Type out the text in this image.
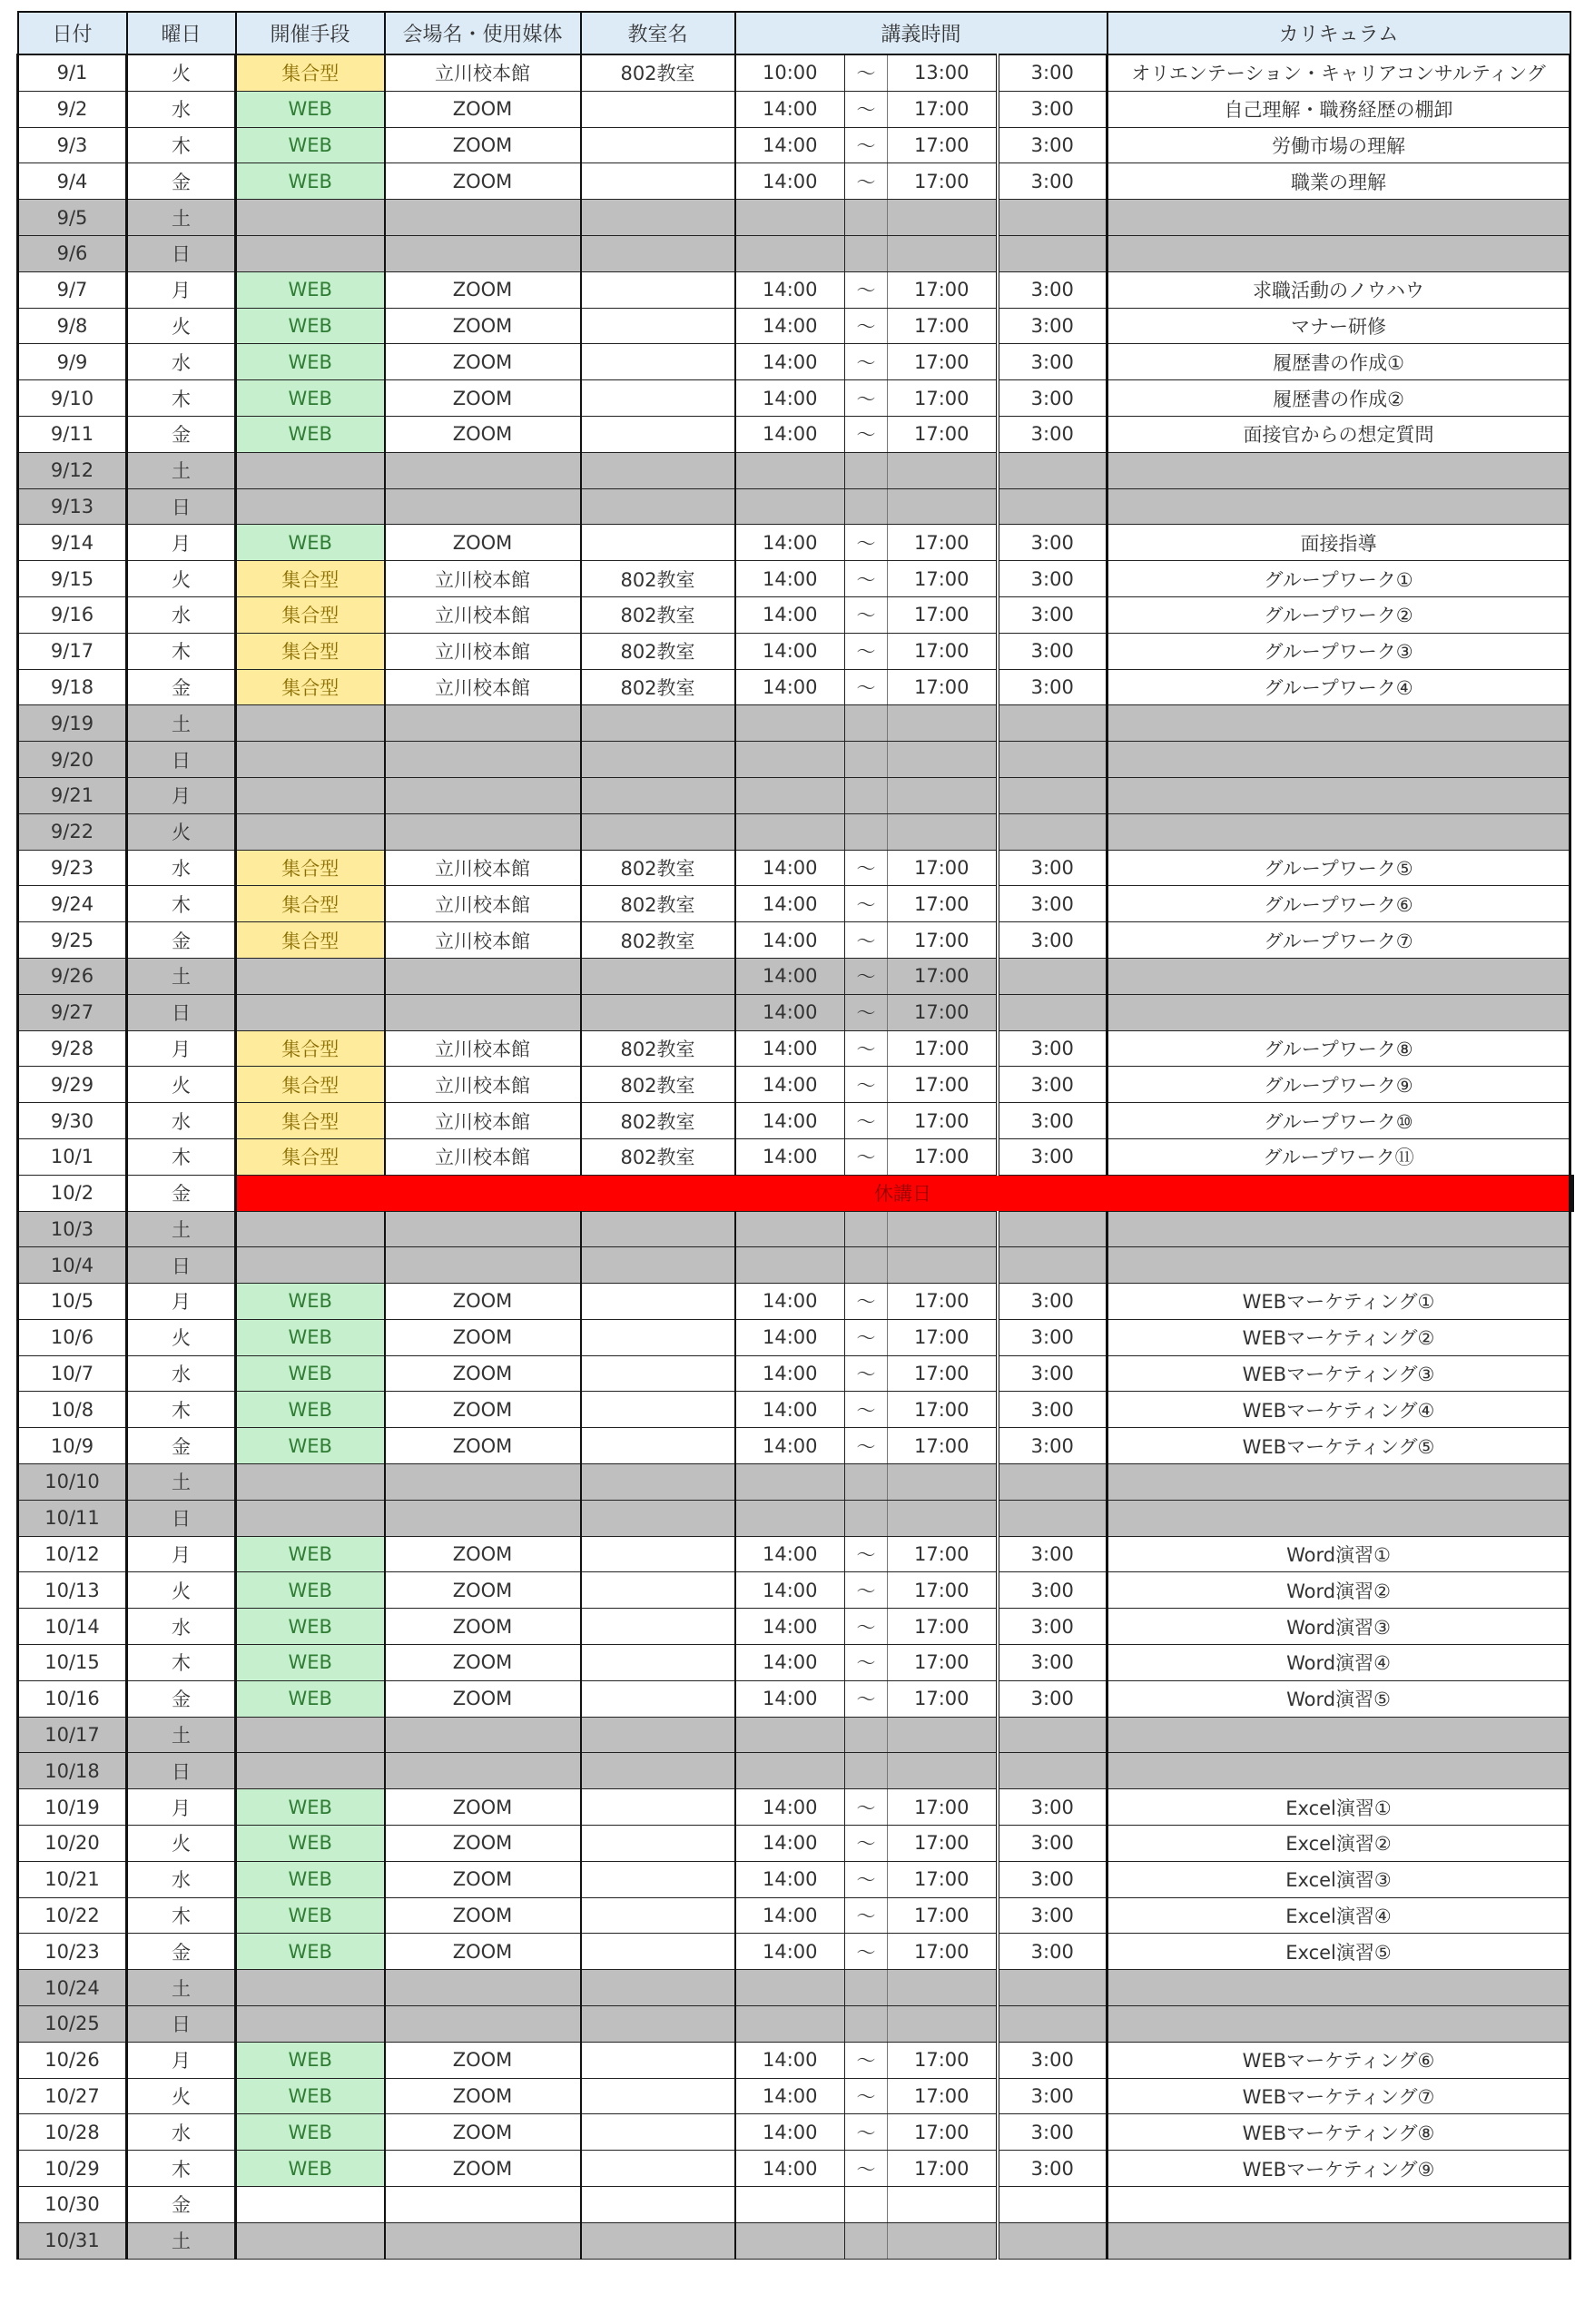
日付	曜日	開催手段	会場名・使用媒体	教室名	講義時間				カリキュラム	
9/1	火	集合型	立川校本館	802教室	10:00	～	13:00	3:00	オリエンテーション・キャリアコンサルティング	
9/2	水	WEB	ZOOM		14:00	～	17:00	3:00	自己理解・職務経歴の棚卸	
9/3	木	WEB	ZOOM		14:00	～	17:00	3:00	労働市場の理解	
9/4	金	WEB	ZOOM		14:00	～	17:00	3:00	職業の理解	
9/5	土									
9/6	日									
9/7	月	WEB	ZOOM		14:00	～	17:00	3:00	求職活動のノウハウ	
9/8	火	WEB	ZOOM		14:00	～	17:00	3:00	マナー研修	
9/9	水	WEB	ZOOM		14:00	～	17:00	3:00	履歴書の作成①	
9/10	木	WEB	ZOOM		14:00	～	17:00	3:00	履歴書の作成②	
9/11	金	WEB	ZOOM		14:00	～	17:00	3:00	面接官からの想定質問	
9/12	土									
9/13	日									
9/14	月	WEB	ZOOM		14:00	～	17:00	3:00	面接指導	
9/15	火	集合型	立川校本館	802教室	14:00	～	17:00	3:00	グループワーク①	
9/16	水	集合型	立川校本館	802教室	14:00	～	17:00	3:00	グループワーク②	
9/17	木	集合型	立川校本館	802教室	14:00	～	17:00	3:00	グループワーク③	
9/18	金	集合型	立川校本館	802教室	14:00	～	17:00	3:00	グループワーク④	
9/19	土									
9/20	日									
9/21	月									
9/22	火									
9/23	水	集合型	立川校本館	802教室	14:00	～	17:00	3:00	グループワーク⑤	
9/24	木	集合型	立川校本館	802教室	14:00	～	17:00	3:00	グループワーク⑥	
9/25	金	集合型	立川校本館	802教室	14:00	～	17:00	3:00	グループワーク⑦	
9/26	土				14:00	～	17:00			
9/27	日				14:00	～	17:00			
9/28	月	集合型	立川校本館	802教室	14:00	～	17:00	3:00	グループワーク⑧	
9/29	火	集合型	立川校本館	802教室	14:00	～	17:00	3:00	グループワーク⑨	
9/30	水	集合型	立川校本館	802教室	14:00	～	17:00	3:00	グループワーク⑩	
10/1	木	集合型	立川校本館	802教室	14:00	～	17:00	3:00	グループワーク⑪	
10/2	金	休講日								
10/3	土									
10/4	日									
10/5	月	WEB	ZOOM		14:00	～	17:00	3:00	WEBマーケティング①	
10/6	火	WEB	ZOOM		14:00	～	17:00	3:00	WEBマーケティング②	
10/7	水	WEB	ZOOM		14:00	～	17:00	3:00	WEBマーケティング③	
10/8	木	WEB	ZOOM		14:00	～	17:00	3:00	WEBマーケティング④	
10/9	金	WEB	ZOOM		14:00	～	17:00	3:00	WEBマーケティング⑤	
10/10	土									
10/11	日									
10/12	月	WEB	ZOOM		14:00	～	17:00	3:00	Word演習①	
10/13	火	WEB	ZOOM		14:00	～	17:00	3:00	Word演習②	
10/14	水	WEB	ZOOM		14:00	～	17:00	3:00	Word演習③	
10/15	木	WEB	ZOOM		14:00	～	17:00	3:00	Word演習④	
10/16	金	WEB	ZOOM		14:00	～	17:00	3:00	Word演習⑤	
10/17	土									
10/18	日									
10/19	月	WEB	ZOOM		14:00	～	17:00	3:00	Excel演習①	
10/20	火	WEB	ZOOM		14:00	～	17:00	3:00	Excel演習②	
10/21	水	WEB	ZOOM		14:00	～	17:00	3:00	Excel演習③	
10/22	木	WEB	ZOOM		14:00	～	17:00	3:00	Excel演習④	
10/23	金	WEB	ZOOM		14:00	～	17:00	3:00	Excel演習⑤	
10/24	土									
10/25	日									
10/26	月	WEB	ZOOM		14:00	～	17:00	3:00	WEBマーケティング⑥	
10/27	火	WEB	ZOOM		14:00	～	17:00	3:00	WEBマーケティング⑦	
10/28	水	WEB	ZOOM		14:00	～	17:00	3:00	WEBマーケティング⑧	
10/29	木	WEB	ZOOM		14:00	～	17:00	3:00	WEBマーケティング⑨	
10/30	金									
10/31	土									
